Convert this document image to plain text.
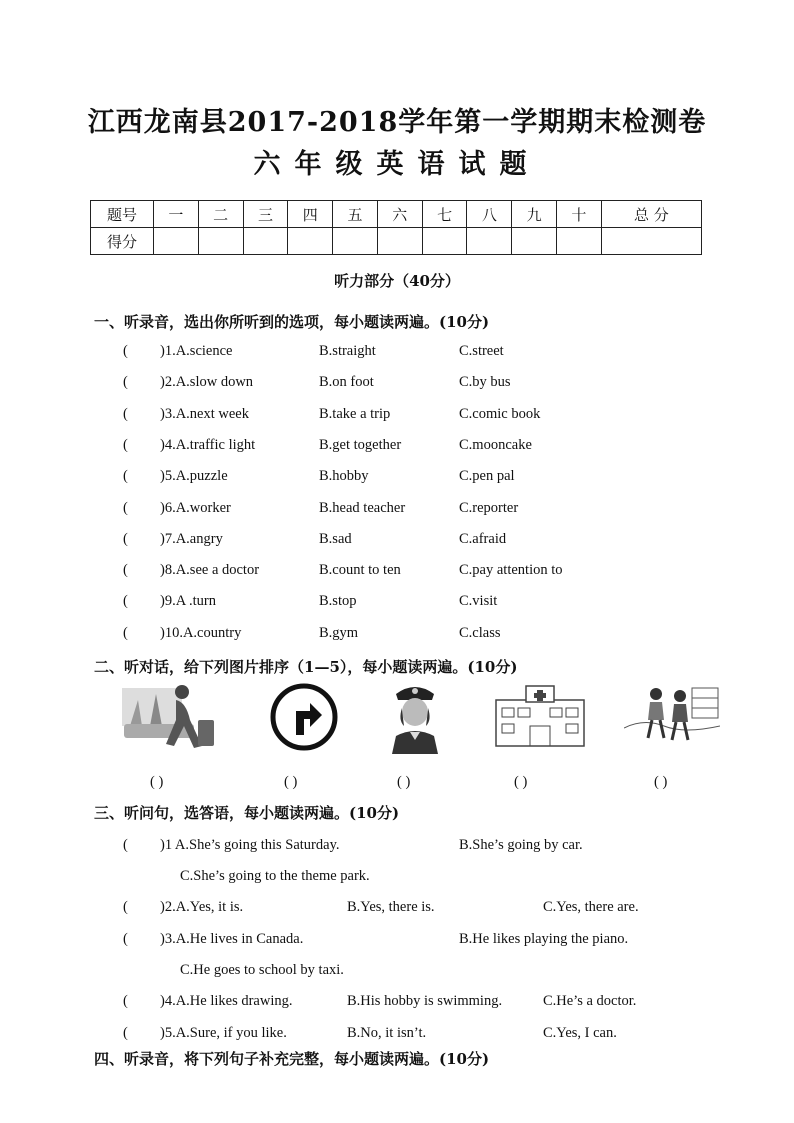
江西龙南县2017-2018学年第一学期期末检测卷
六年级英语试题
题号	一	二	三	四	五	六	七	八	九	十	总 分
得分											
听力部分（40分）
一、听录音，选出你所听到的选项，每小题读两遍。(10分)
( )1.A.science	B.straight	C.street
( )2.A.slow down	B.on foot	C.by bus
( )3.A.next week	B.take a trip	C.comic book
( )4.A.traffic light	B.get together	C.mooncake
( )5.A.puzzle	B.hobby	C.pen pal
( )6.A.worker	B.head teacher	C.reporter
( )7.A.angry	B.sad	C.afraid
( )8.A.see a doctor	B.count to ten	C.pay attention to
( )9.A .turn	B.stop	C.visit
( )10.A.country	B.gym	C.class
二、听对话，给下列图片排序（1—5），每小题读两遍。(10分)
( )	( )	( )	( )	( )
三、听问句，选答语，每小题读两遍。(10分)
( )1 A.She’s going this Saturday.	B.She’s going by car.
C.She’s going to the theme park.
( )2.A.Yes, it is.	B.Yes, there is.	C.Yes, there are.
( )3.A.He lives in Canada.	B.He likes playing the piano.
C.He goes to school by taxi.
( )4.A.He likes drawing.	B.His hobby is swimming.	C.He’s a doctor.
( )5.A.Sure, if you like.	B.No, it isn’t.	C.Yes, I can.
四、听录音，将下列句子补充完整，每小题读两遍。(10分)
